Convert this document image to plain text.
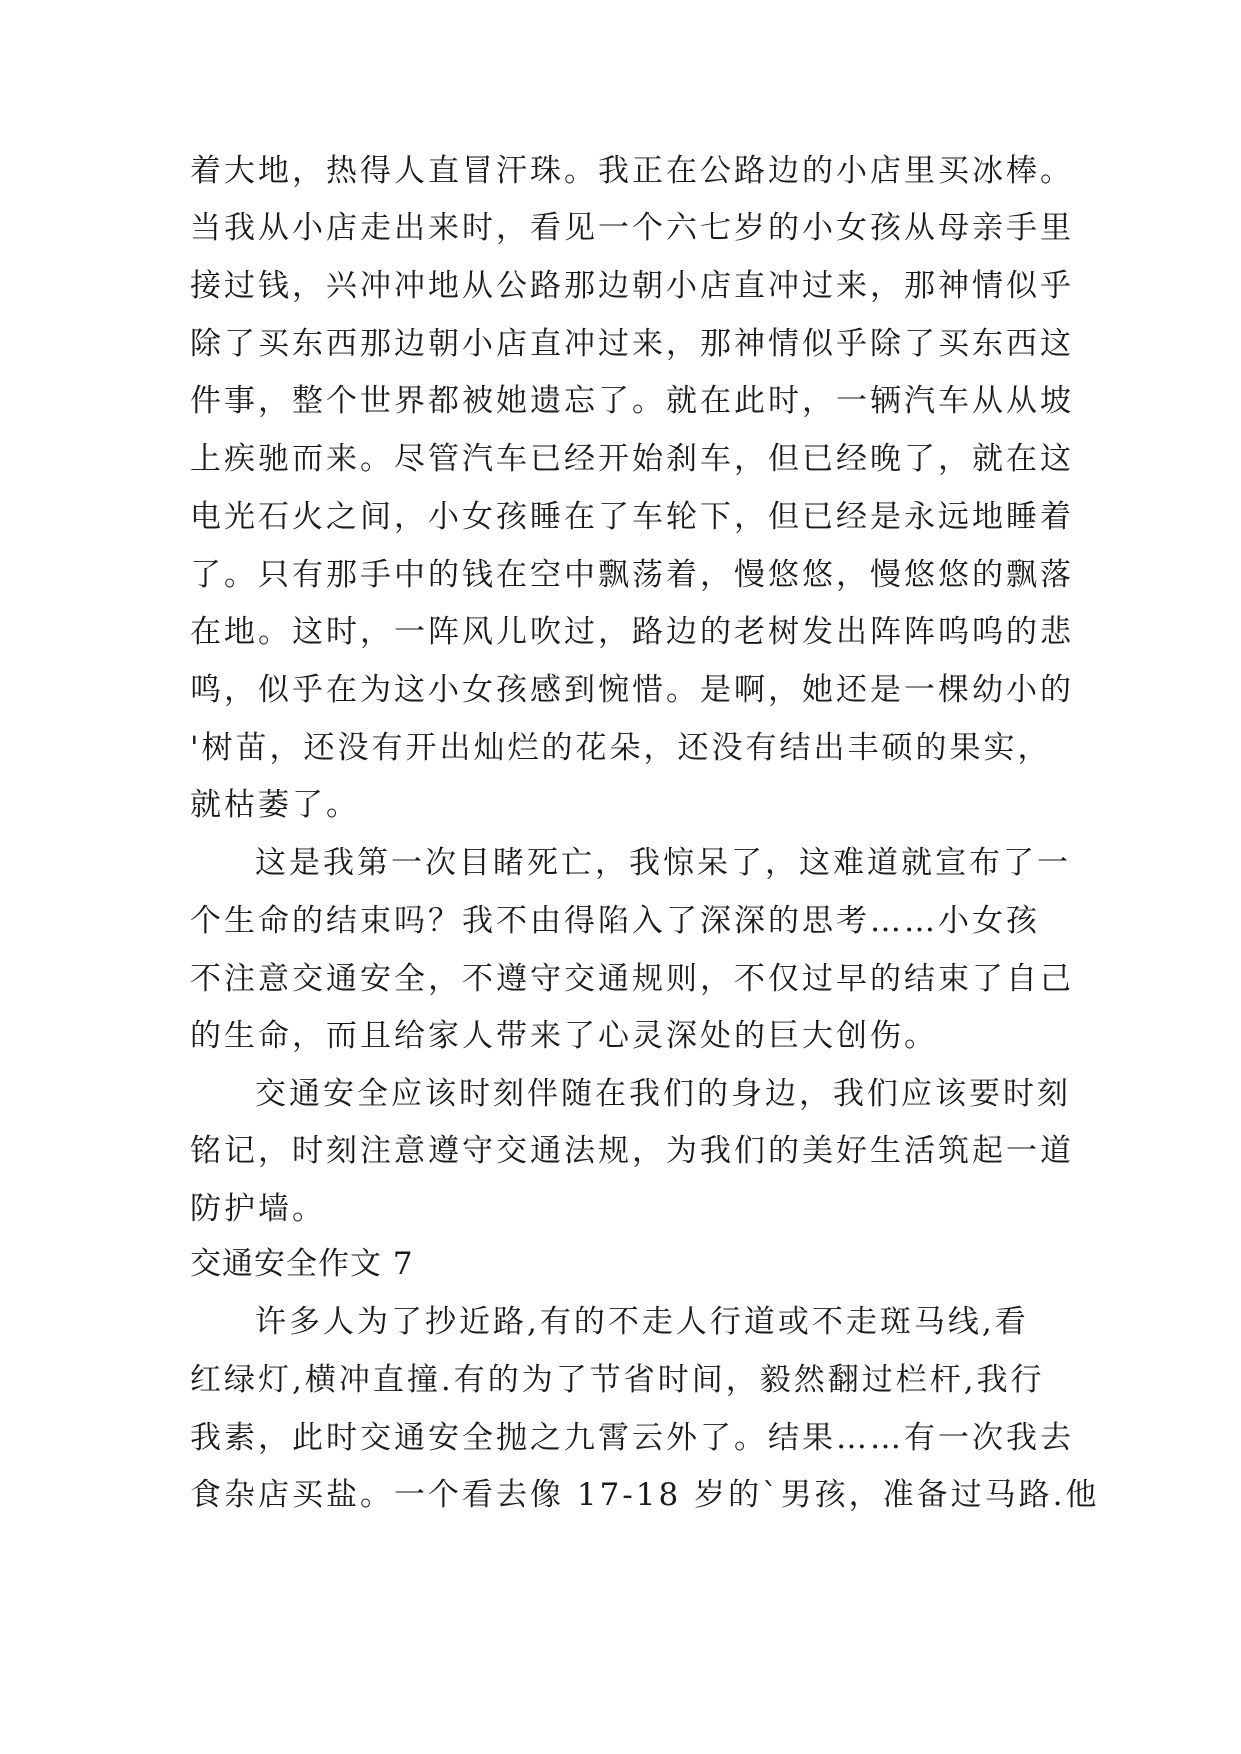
着大地，热得人直冒汗珠。我正在公路边的小店里买冰棒。
当我从小店走出来时，看见一个六七岁的小女孩从母亲手里
接过钱，兴冲冲地从公路那边朝小店直冲过来，那神情似乎
除了买东西那边朝小店直冲过来，那神情似乎除了买东西这
件事，整个世界都被她遗忘了。就在此时，一辆汽车从从坡
上疾驰而来。尽管汽车已经开始刹车，但已经晚了，就在这
电光石火之间，小女孩睡在了车轮下，但已经是永远地睡着
了。只有那手中的钱在空中飘荡着，慢悠悠，慢悠悠的飘落
在地。这时，一阵风儿吹过，路边的老树发出阵阵呜呜的悲
鸣，似乎在为这小女孩感到惋惜。是啊，她还是一棵幼小的
'树苗，还没有开出灿烂的花朵，还没有结出丰硕的果实，
就枯萎了。
这是我第一次目睹死亡，我惊呆了，这难道就宣布了一
个生命的结束吗？我不由得陷入了深深的思考……小女孩
不注意交通安全，不遵守交通规则，不仅过早的结束了自己
的生命，而且给家人带来了心灵深处的巨大创伤。
交通安全应该时刻伴随在我们的身边，我们应该要时刻
铭记，时刻注意遵守交通法规，为我们的美好生活筑起一道
防护墙。
交通安全作文 7
许多人为了抄近路,有的不走人行道或不走斑马线,看
红绿灯,横冲直撞.有的为了节省时间，毅然翻过栏杆,我行
我素，此时交通安全抛之九霄云外了。结果……有一次我去
食杂店买盐。一个看去像 17-18 岁的`男孩，准备过马路.他
